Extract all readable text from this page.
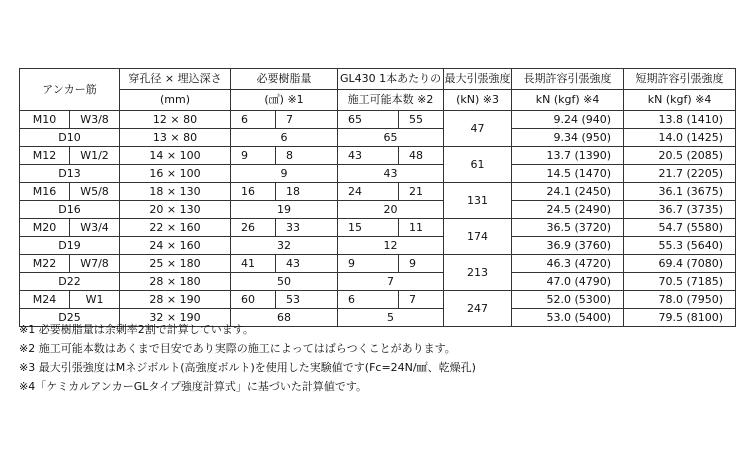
アンカー筋		穿孔径 × 埋込深さ	必要樹脂量			GL430 1本あたりの		最大引張強度	長期許容引張強度	短期許容引張強度
		(mm)	(㎤) ※1			施工可能本数 ※2		(kN) ※3	kN (kgf) ※4	kN (kgf) ※4
M10	W3/8	12 × 80	6	7		65	55	47	9.24 (940)	13.8 (1410)
D10		13 × 80	6			65			9.34 (950)	14.0 (1425)
M12	W1/2	14 × 100	9	8		43	48	61	13.7 (1390)	20.5 (2085)
D13		16 × 100	9			43			14.5 (1470)	21.7 (2205)
M16	W5/8	18 × 130	16	18		24	21	131	24.1 (2450)	36.1 (3675)
D16		20 × 130	19			20			24.5 (2490)	36.7 (3735)
M20	W3/4	22 × 160	26	33		15	11	174	36.5 (3720)	54.7 (5580)
D19		24 × 160	32			12			36.9 (3760)	55.3 (5640)
M22	W7/8	25 × 180	41	43		9	9	213	46.3 (4720)	69.4 (7080)
D22		28 × 180	50			7			47.0 (4790)	70.5 (7185)
M24	W1	28 × 190	60	53		6	7	247	52.0 (5300)	78.0 (7950)
D25		32 × 190	68			5			53.0 (5400)	79.5 (8100)
※1 必要樹脂量は余剰率2割で計算しています。
※2 施工可能本数はあくまで目安であり実際の施工によってはばらつくことがあります。
※3 最大引張強度はMネジボルト(高強度ボルト)を使用した実験値です(Fc=24N/㎟、乾燥孔)
※4「ケミカルアンカーGLタイプ強度計算式」に基づいた計算値です。
